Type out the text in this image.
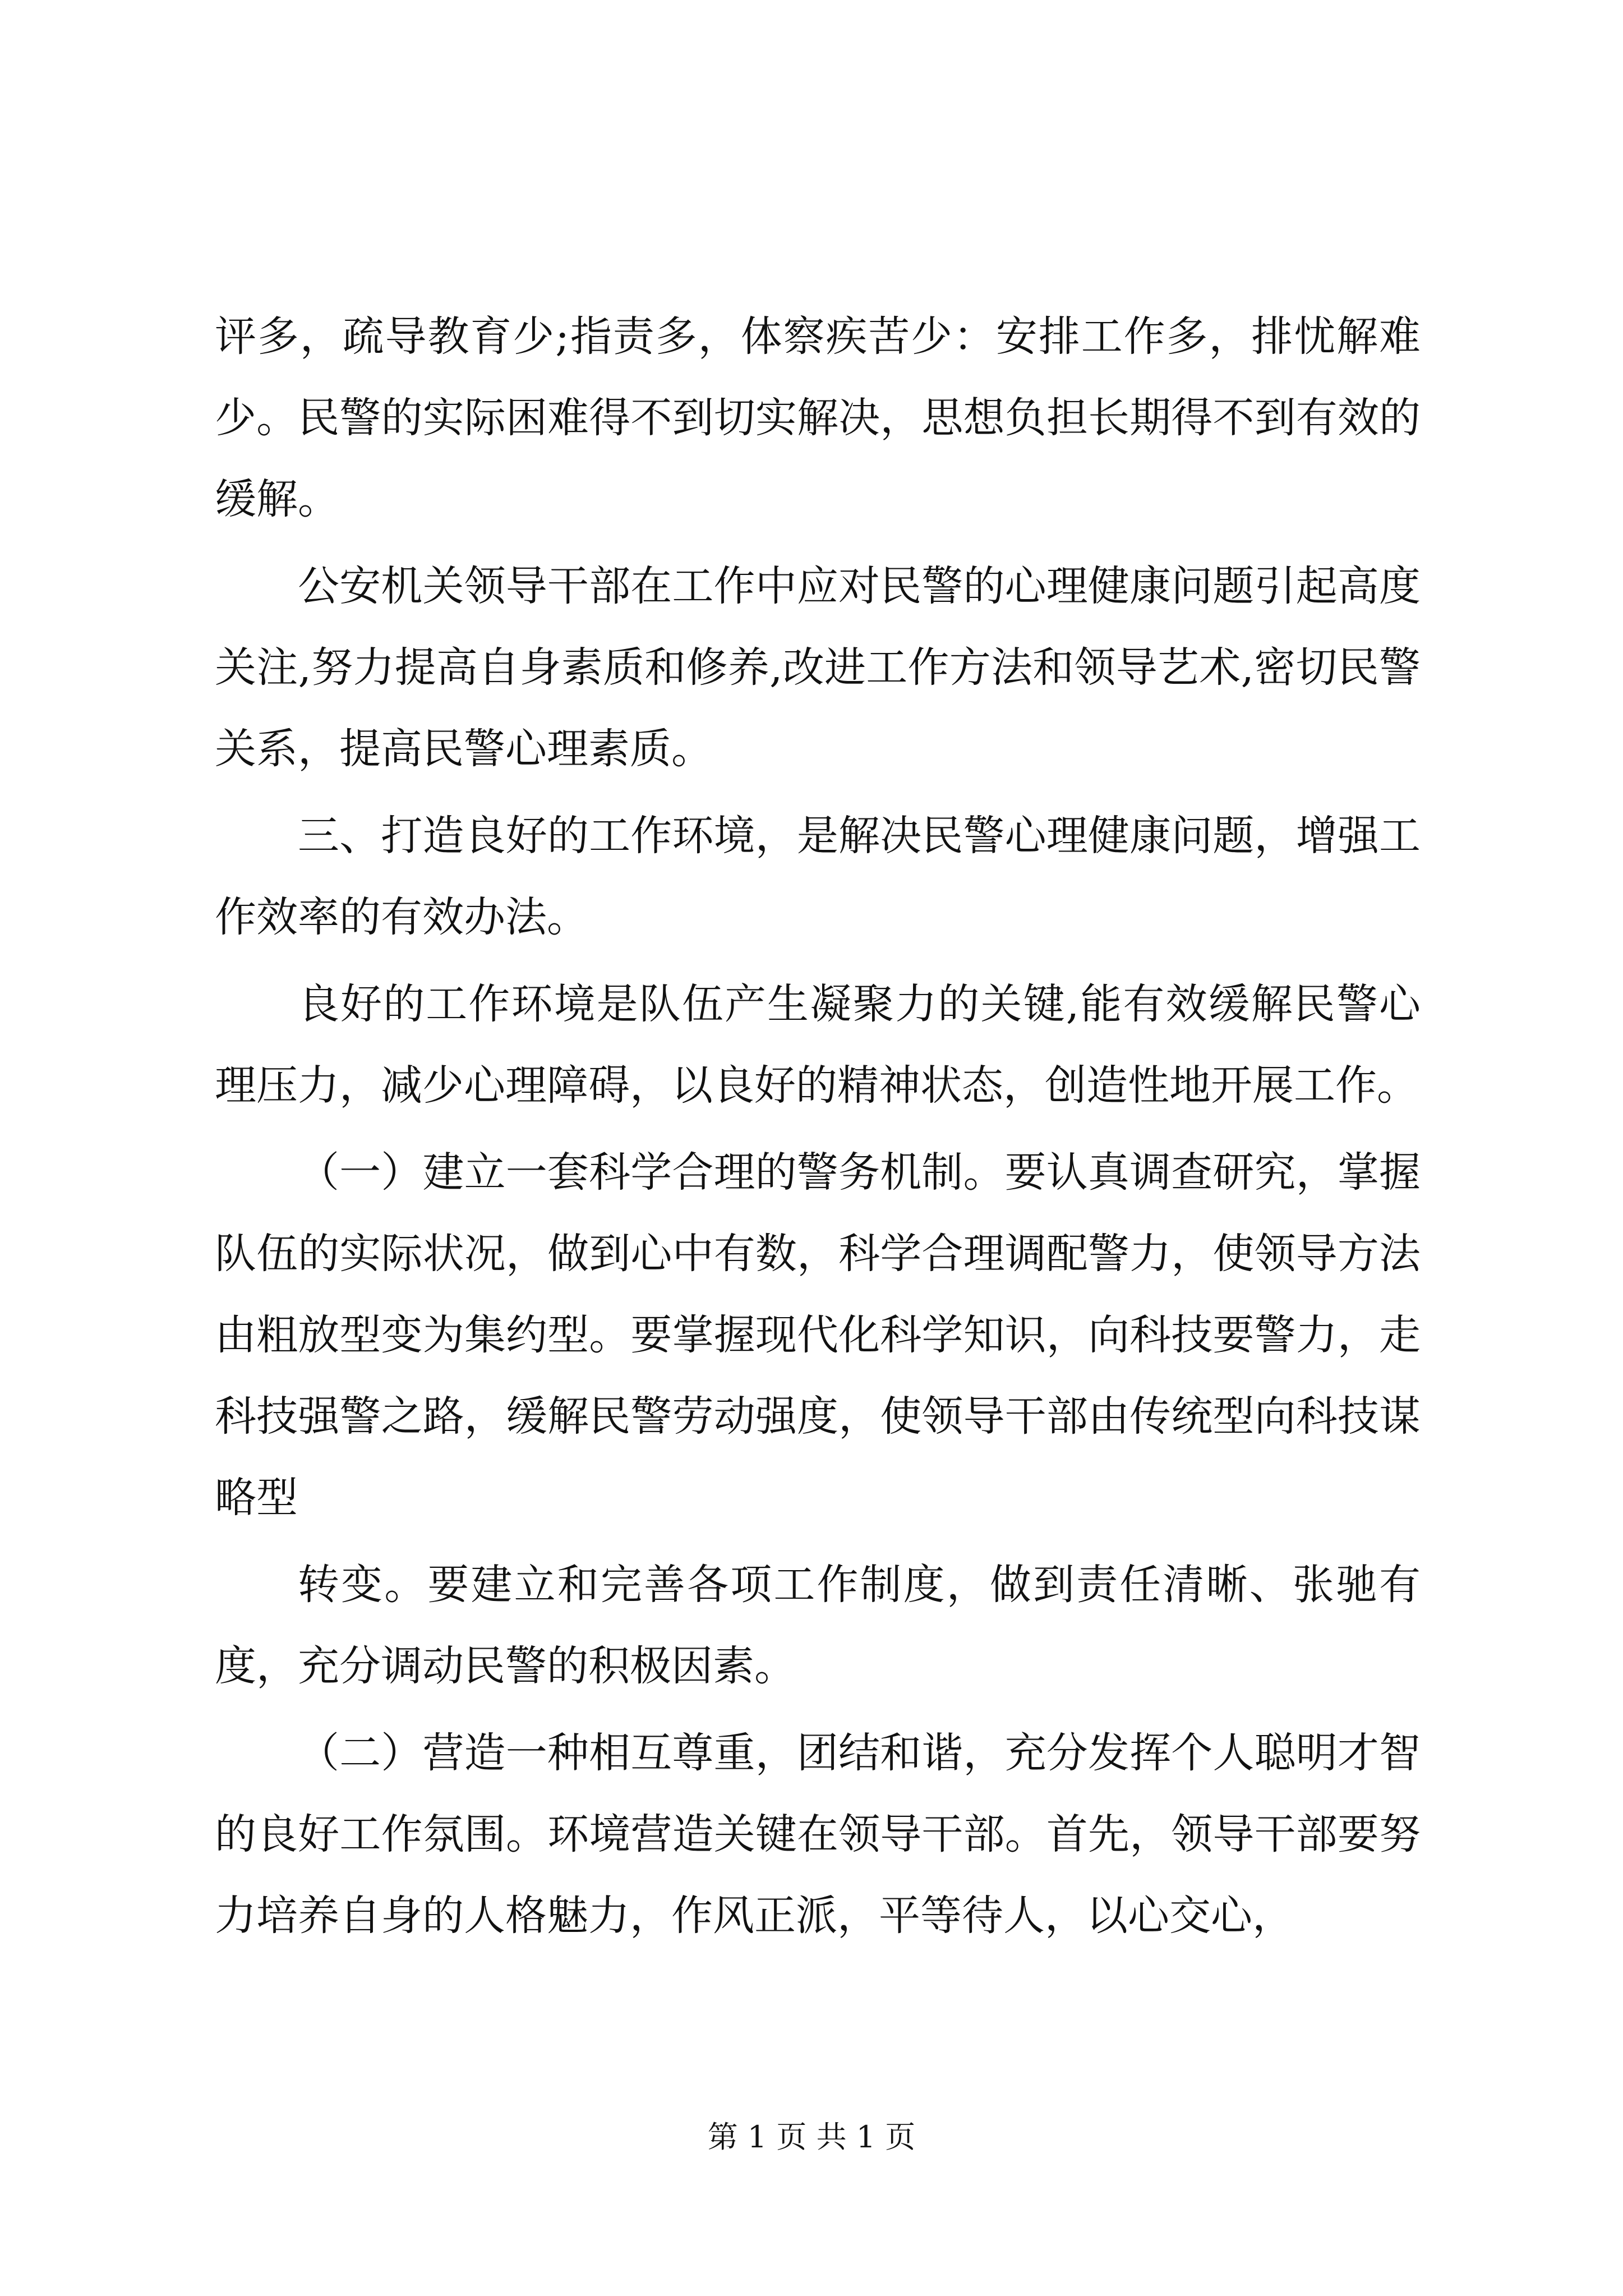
评多，疏导教育少;指责多，体察疾苦少：安排工作多，排忧解难少。民警的实际困难得不到切实解决，思想负担长期得不到有效的缓解。

公安机关领导干部在工作中应对民警的心理健康问题引起高度关注,努力提高自身素质和修养,改进工作方法和领导艺术,密切民警关系，提高民警心理素质。

三、打造良好的工作环境，是解决民警心理健康问题，增强工作效率的有效办法。

良好的工作环境是队伍产生凝聚力的关键,能有效缓解民警心理压力，减少心理障碍，以良好的精神状态，创造性地开展工作。

（一）建立一套科学合理的警务机制。要认真调查研究，掌握队伍的实际状况，做到心中有数，科学合理调配警力，使领导方法由粗放型变为集约型。要掌握现代化科学知识，向科技要警力，走科技强警之路，缓解民警劳动强度，使领导干部由传统型向科技谋略型

转变。要建立和完善各项工作制度，做到责任清晰、张驰有度，充分调动民警的积极因素。

（二）营造一种相互尊重，团结和谐，充分发挥个人聪明才智的良好工作氛围。环境营造关键在领导干部。首先，领导干部要努力培养自身的人格魅力，作风正派，平等待人，以心交心，

第 1 页 共 1 页
